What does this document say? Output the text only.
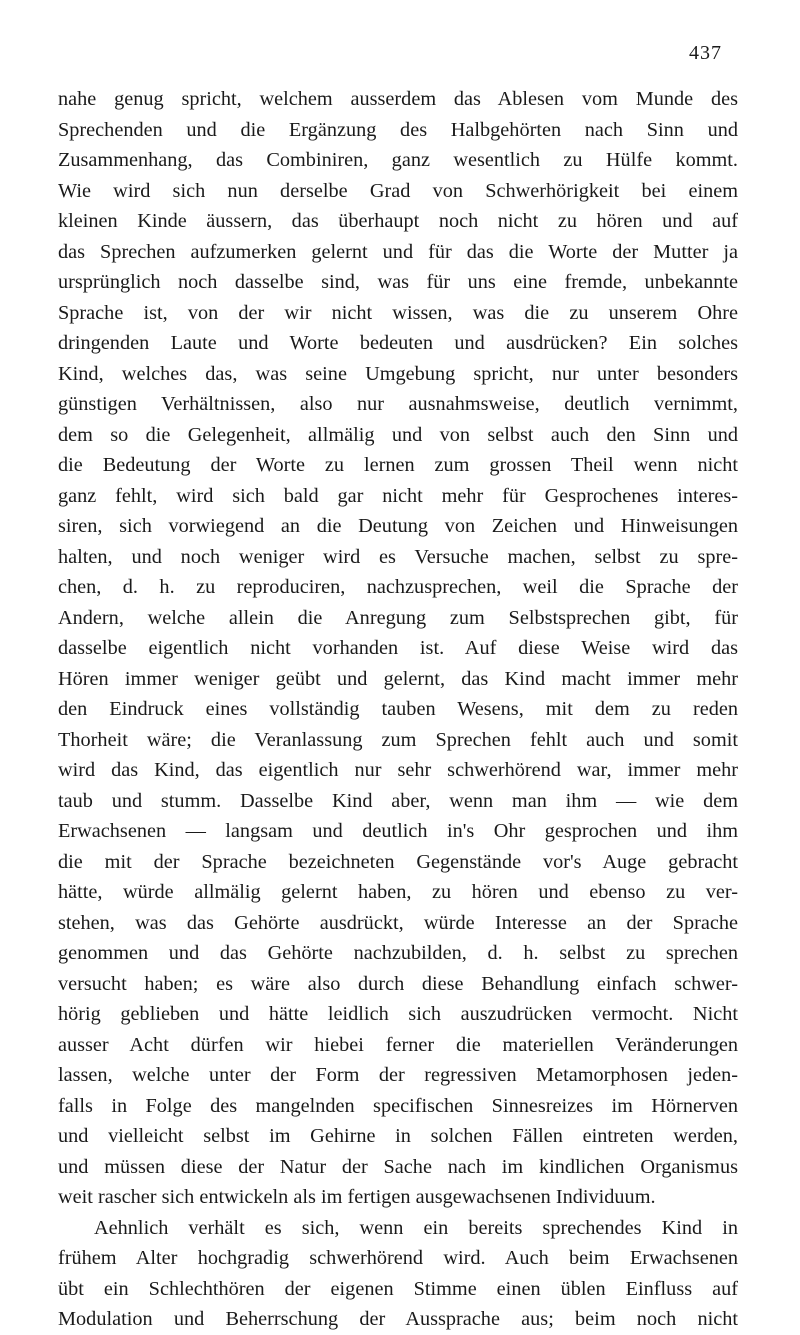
437
nahe genug spricht, welchem ausserdem das Ablesen vom Munde des
Sprechenden und die Ergänzung des Halbgehörten nach Sinn und
Zusammenhang, das Combiniren, ganz wesentlich zu Hülfe kommt.
Wie wird sich nun derselbe Grad von Schwerhörigkeit bei einem
kleinen Kinde äussern, das überhaupt noch nicht zu hören und auf
das Sprechen aufzumerken gelernt und für das die Worte der Mutter ja
ursprünglich noch dasselbe sind, was für uns eine fremde, unbekannte
Sprache ist, von der wir nicht wissen, was die zu unserem Ohre
dringenden Laute und Worte bedeuten und ausdrücken? Ein solches
Kind, welches das, was seine Umgebung spricht, nur unter besonders
günstigen Verhältnissen, also nur ausnahmsweise, deutlich vernimmt,
dem so die Gelegenheit, allmälig und von selbst auch den Sinn und
die Bedeutung der Worte zu lernen zum grossen Theil wenn nicht
ganz fehlt, wird sich bald gar nicht mehr für Gesprochenes interes-
siren, sich vorwiegend an die Deutung von Zeichen und Hinweisungen
halten, und noch weniger wird es Versuche machen, selbst zu spre-
chen, d. h. zu reproduciren, nachzusprechen, weil die Sprache der
Andern, welche allein die Anregung zum Selbstsprechen gibt, für
dasselbe eigentlich nicht vorhanden ist. Auf diese Weise wird das
Hören immer weniger geübt und gelernt, das Kind macht immer mehr
den Eindruck eines vollständig tauben Wesens, mit dem zu reden
Thorheit wäre; die Veranlassung zum Sprechen fehlt auch und somit
wird das Kind, das eigentlich nur sehr schwerhörend war, immer mehr
taub und stumm. Dasselbe Kind aber, wenn man ihm — wie dem
Erwachsenen — langsam und deutlich in's Ohr gesprochen und ihm
die mit der Sprache bezeichneten Gegenstände vor's Auge gebracht
hätte, würde allmälig gelernt haben, zu hören und ebenso zu ver-
stehen, was das Gehörte ausdrückt, würde Interesse an der Sprache
genommen und das Gehörte nachzubilden, d. h. selbst zu sprechen
versucht haben; es wäre also durch diese Behandlung einfach schwer-
hörig geblieben und hätte leidlich sich auszudrücken vermocht. Nicht
ausser Acht dürfen wir hiebei ferner die materiellen Veränderungen
lassen, welche unter der Form der regressiven Metamorphosen jeden-
falls in Folge des mangelnden specifischen Sinnesreizes im Hörnerven
und vielleicht selbst im Gehirne in solchen Fällen eintreten werden,
und müssen diese der Natur der Sache nach im kindlichen Organismus
weit rascher sich entwickeln als im fertigen ausgewachsenen Individuum.
Aehnlich verhält es sich, wenn ein bereits sprechendes Kind in
frühem Alter hochgradig schwerhörend wird. Auch beim Erwachsenen
übt ein Schlechthören der eigenen Stimme einen üblen Einfluss auf
Modulation und Beherrschung der Aussprache aus; beim noch nicht
